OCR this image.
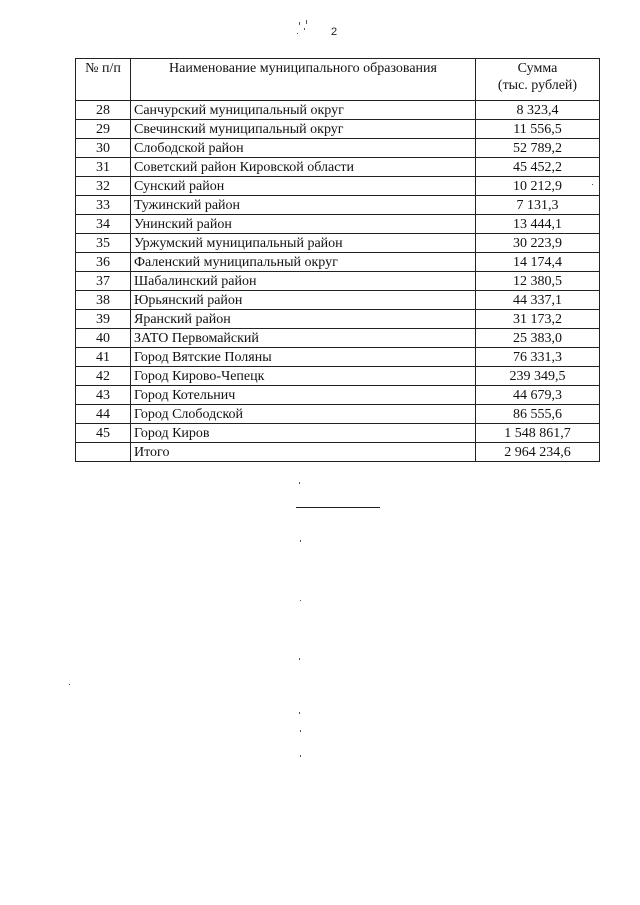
2
№ п/п	Наименование муниципального образования	Сумма
(тыс. рублей)

28	Санчурский муниципальный округ	8 323,4
29	Свечинский муниципальный округ	11 556,5
30	Слободской район	52 789,2
31	Советский район Кировской области	45 452,2
32	Сунский район	10 212,9
33	Тужинский район	7 131,3
34	Унинский район	13 444,1
35	Уржумский муниципальный район	30 223,9
36	Фаленский муниципальный округ	14 174,4
37	Шабалинский район	12 380,5
38	Юрьянский район	44 337,1
39	Яранский район	31 173,2
40	ЗАТО Первомайский	25 383,0
41	Город Вятские Поляны	76 331,3
42	Город Кирово-Чепецк	239 349,5
43	Город Котельнич	44 679,3
44	Город Слободской	86 555,6
45	Город Киров	1 548 861,7
	Итого	2 964 234,6
